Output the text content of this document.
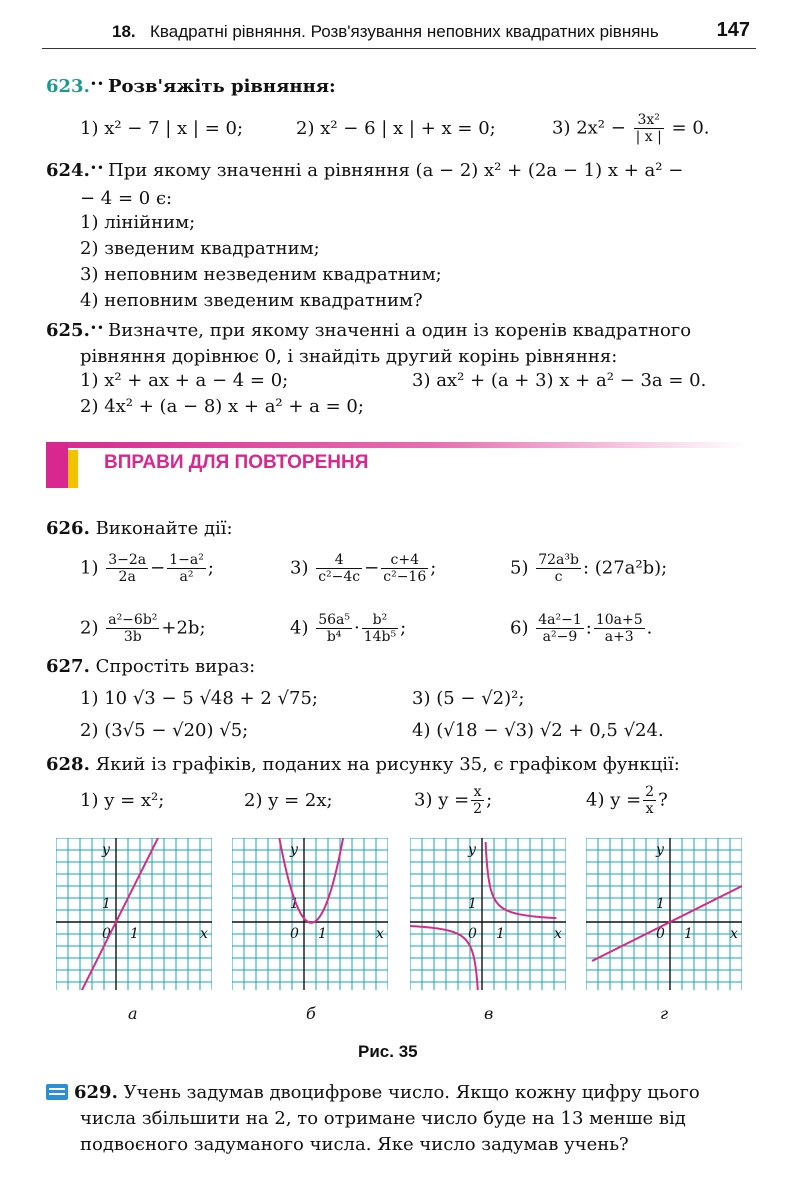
18. Квадратні рівняння. Розв'язування неповних квадратних рівнянь	147
623.•• Розв'яжіть рівняння:
1) x² − 7 | x | = 0;	2) x² − 6 | x | + x = 0;	3) $2x^2 - \frac{\text{3x²}}{| x |} = 0$.
624.•• При якому значенні a рівняння (a − 2) x² + (2a − 1) x + a² −
− 4 = 0 є:
1) лінійним;
2) зведеним квадратним;
3) неповним незведеним квадратним;
4) неповним зведеним квадратним?
625.•• Визначте, при якому значенні a один із коренів квадратного
рівняння дорівнює 0, і знайдіть другий корінь рівняння:
1) x² + ax + a − 4 = 0;	3) ax² + (a + 3) x + a² − 3a = 0.
2) 4x² + (a − 8) x + a² + a = 0;
ВПРАВИ ДЛЯ ПОВТОРЕННЯ
626. Виконайте дії:
$1) \frac{3-2a}{2a} - \frac{\text{1−a²}}{\text{a²}}$ ;	$3) \frac{4}{\text{c²−4c}} - \frac{c+4}{\text{c²−16}}$ ;	$5) \frac{\text{72a³b}}{c}$ : (27a²b);
$2) \frac{\text{a²−6b²}}{3b} +2b$;	$4) \frac{\text{56a⁵}}{\text{b⁴}} \cdot \frac{\text{b²}}{\text{14b⁵}}$ ;	$6) \frac{\text{4a²−1}}{\text{a²−9}}$ : $\frac{10a+5}{a+3}$ .
627. Спростіть вираз:
1) 10 √3 − 5 √48 + 2 √75;	3) (5 − √2)²;
2) (3√5 − √20) √5;	4) (√18 − √3) √2 + 0,5 √24.
628. Який із графіків, поданих на рисунку 35, є графіком функції:
1) y = x²;	2) y = 2x;	3) $y = \frac{x}{2}$ ;	4) $y = \frac{2}{x}$ ?
y
x
0 1
1
y
x
0 1
1
y
x
0 1
1
y
x
0 1
1
а	б	в	г
Рис. 35
629. Учень задумав двоцифрове число. Якщо кожну цифру цього
числа збільшити на 2, то отримане число буде на 13 менше від
подвоєного задуманого числа. Яке число задумав учень?
